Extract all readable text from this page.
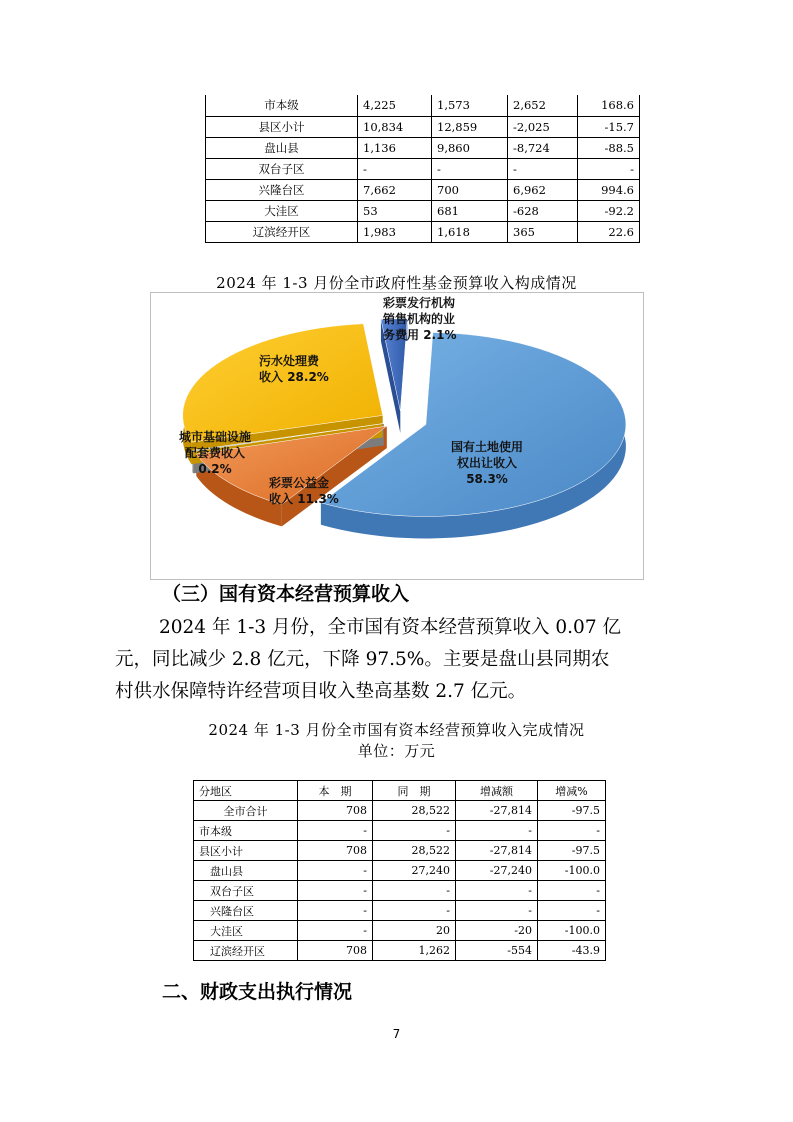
市本级	4,225	1,573	2,652	168.6
县区小计	10,834	12,859	-2,025	-15.7
盘山县	1,136	9,860	-8,724	-88.5
双台子区	-	-	-	-
兴隆台区	7,662	700	6,962	994.6
大洼区	53	681	-628	-92.2
辽滨经开区	1,983	1,618	365	22.6
2024 年 1-3 月份全市政府性基金预算收入构成情况
国有土地使用
权出让收入
58.3%
彩票公益金
收入 11.3%
城市基础设施
配套费收入
0.2%
污水处理费
收入 28.2%
彩票发行机构
销售机构的业
务费用 2.1%
（三）国有资本经营预算收入
2024 年 1-3 月份，全市国有资本经营预算收入 0.07 亿
元，同比减少 2.8 亿元，下降 97.5%。主要是盘山县同期农
村供水保障特许经营项目收入垫高基数 2.7 亿元。
2024 年 1-3 月份全市国有资本经营预算收入完成情况
单位：万元
分地区	本　期	同　期	增减额	增减%
全市合计	708	28,522	-27,814	-97.5
市本级	-	-	-	-
县区小计	708	28,522	-27,814	-97.5
盘山县	-	27,240	-27,240	-100.0
双台子区	-	-	-	-
兴隆台区	-	-	-	-
大洼区	-	20	-20	-100.0
辽滨经开区	708	1,262	-554	-43.9
二、财政支出执行情况
7
